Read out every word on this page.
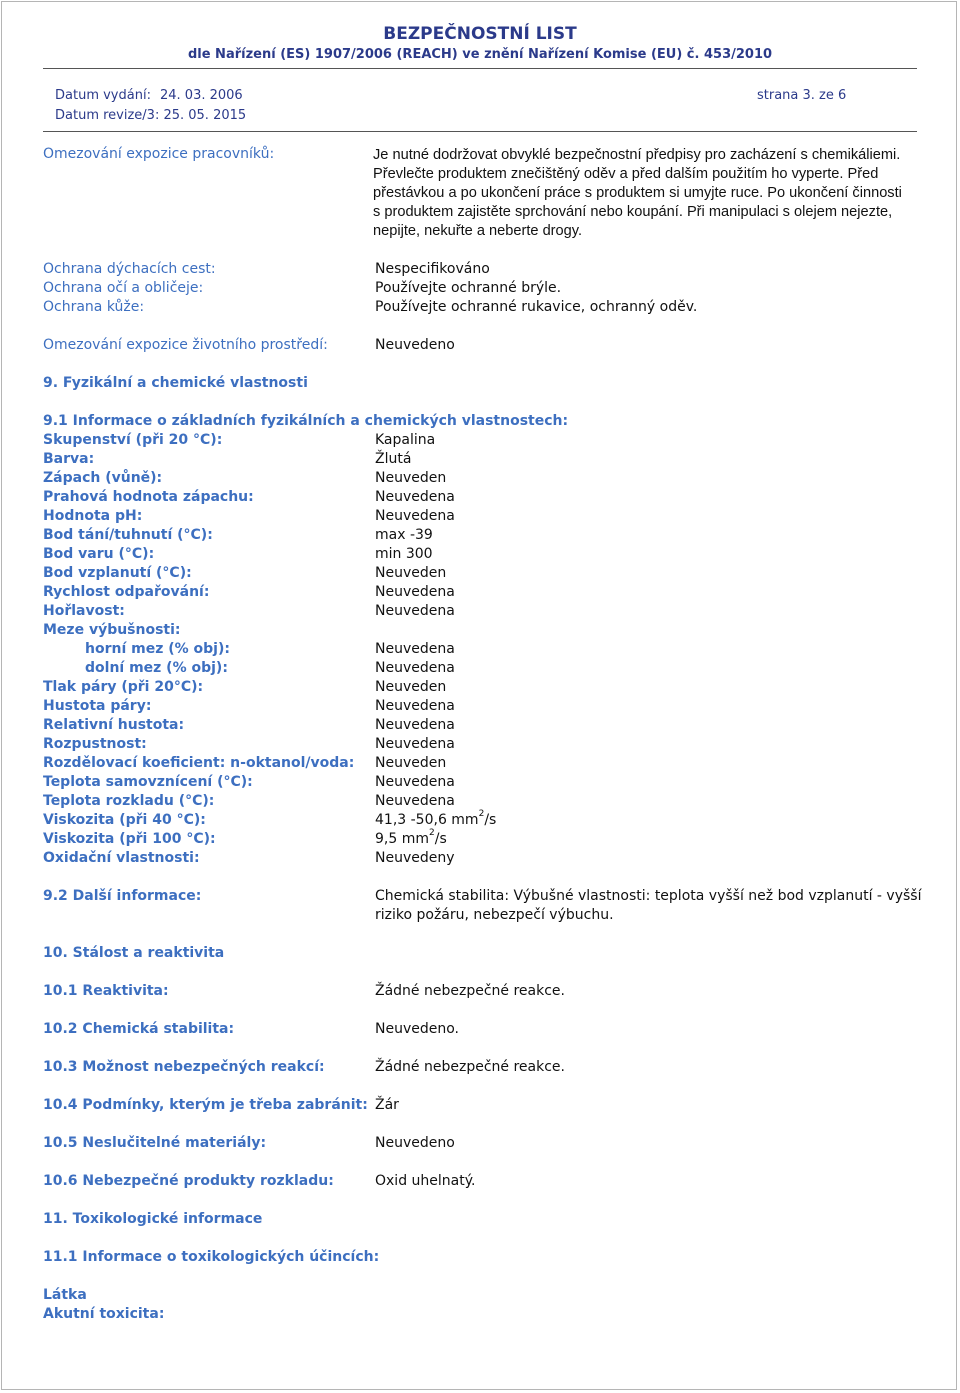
BEZPEČNOSTNÍ LIST
dle Nařízení (ES) 1907/2006 (REACH) ve znění Nařízení Komise (EU) č. 453/2010
Datum vydání: 24. 03. 2006	strana 3. ze 6
Datum revize/3: 25. 05. 2015
Omezování expozice pracovníků:	Je nutné dodržovat obvyklé bezpečnostní předpisy pro zacházení s chemikáliemi.
Převlečte produktem znečištěný oděv a před dalším použitím ho vyperte. Před
přestávkou a po ukončení práce s produktem si umyjte ruce. Po ukončení činnosti
s produktem zajistěte sprchování nebo koupání. Při manipulaci s olejem nejezte,
nepijte, nekuřte a neberte drogy.
Ochrana dýchacích cest:	Nespecifikováno
Ochrana očí a obličeje:	Používejte ochranné brýle.
Ochrana kůže:	Používejte ochranné rukavice, ochranný oděv.
Omezování expozice životního prostředí:	Neuvedeno
9. Fyzikální a chemické vlastnosti
9.1 Informace o základních fyzikálních a chemických vlastnostech:
Skupenství (při 20 °C):	Kapalina
Barva:	Žlutá
Zápach (vůně):	Neuveden
Prahová hodnota zápachu:	Neuvedena
Hodnota pH:	Neuvedena
Bod tání/tuhnutí (°C):	max -39
Bod varu (°C):	min 300
Bod vzplanutí (°C):	Neuveden
Rychlost odpařování:	Neuvedena
Hořlavost:	Neuvedena
Meze výbušnosti:
horní mez (% obj):	Neuvedena
dolní mez (% obj):	Neuvedena
Tlak páry (při 20°C):	Neuveden
Hustota páry:	Neuvedena
Relativní hustota:	Neuvedena
Rozpustnost:	Neuvedena
Rozdělovací koeficient: n-oktanol/voda: Neuveden
Teplota samovznícení (°C):	Neuvedena
Teplota rozkladu (°C):	Neuvedena
Viskozita (při 40 °C):	41,3 -50,6 $mm^2/s$
Viskozita (při 100 °C):	9,5 $mm^2/s$
Oxidační vlastnosti:	Neuvedeny
9.2 Další informace:	Chemická stabilita: Výbušné vlastnosti: teplota vyšší než bod vzplanutí - vyšší riziko požáru, nebezpečí výbuchu.
10. Stálost a reaktivita
10.1 Reaktivita:	Žádné nebezpečné reakce.
10.2 Chemická stabilita:	Neuvedeno.
10.3 Možnost nebezpečných reakcí:	Žádné nebezpečné reakce.
10.4 Podmínky, kterým je třeba zabránit: Žár
10.5 Neslučitelné materiály:	Neuvedeno
10.6 Nebezpečné produkty rozkladu:	Oxid uhelnatý.
11. Toxikologické informace
11.1 Informace o toxikologických účincích:
Látka
Akutní toxicita:
